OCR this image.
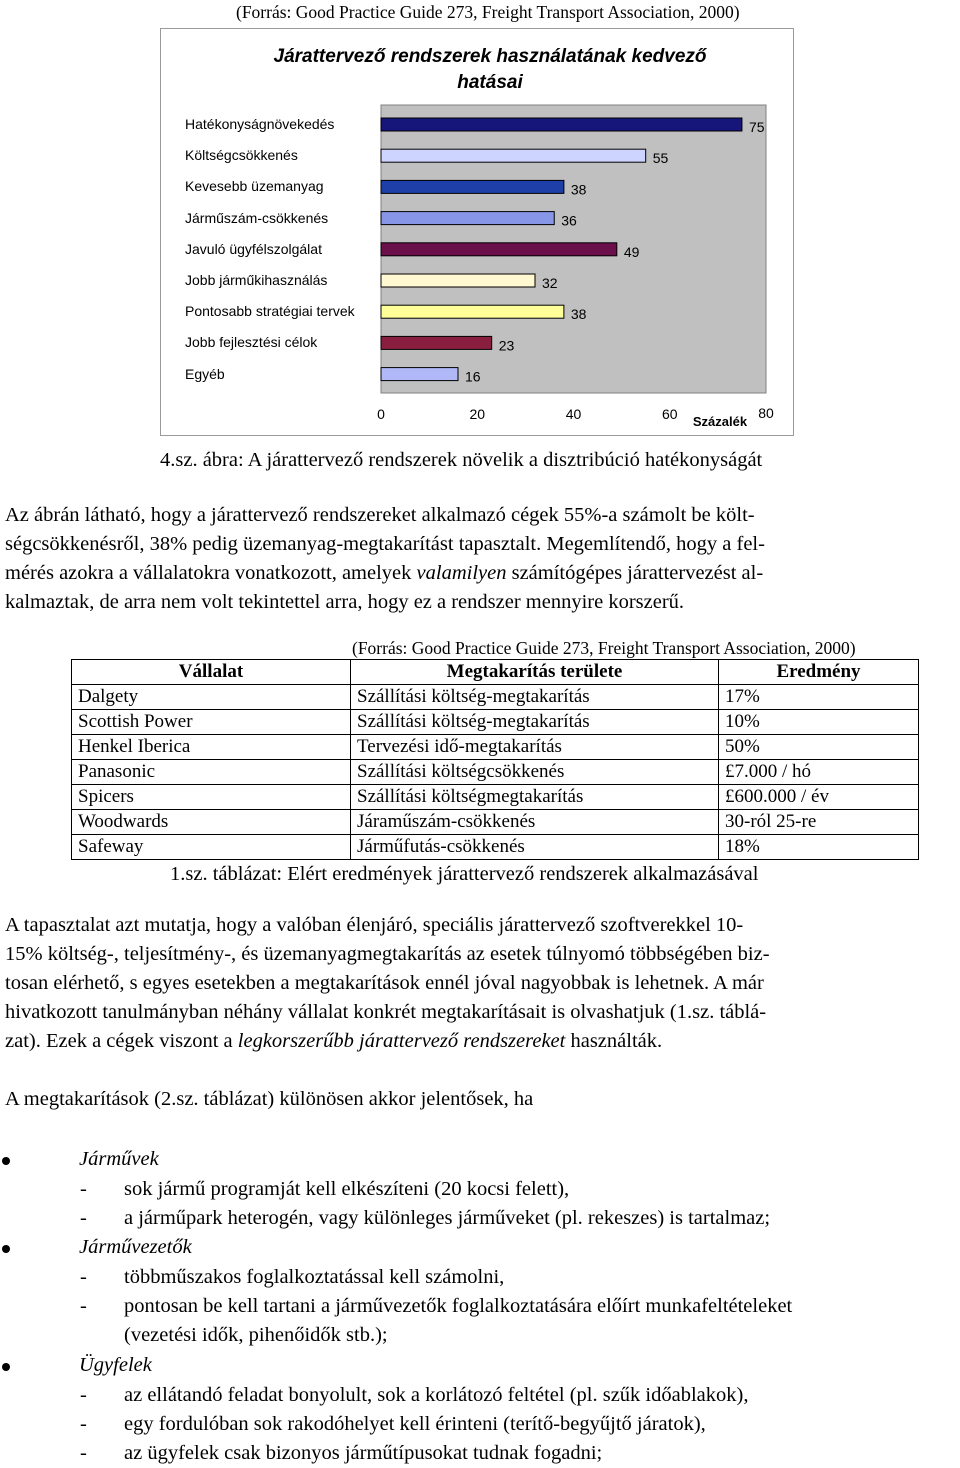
(Forrás: Good Practice Guide 273, Freight Transport Association, 2000)
Járattervező rendszerek használatának kedvező
hatásai
Hatékonyságnövekedés
Költségcsökkenés
Kevesebb üzemanyag
Járműszám-csökkenés
Javuló ügyfélszolgálat
Jobb járműkihasználás
Pontosabb stratégiai tervek
Jobb fejlesztési célok
Egyéb
75
55
38
36
49
32
38
23
16
0	20	40	60	80
Százalék
4.sz. ábra: A járattervező rendszerek növelik a disztribúció hatékonyságát
Az ábrán látható, hogy a járattervező rendszereket alkalmazó cégek 55%-a számolt be költ-
ségcsökkenésről, 38% pedig üzemanyag-megtakarítást tapasztalt. Megemlítendő, hogy a fel-
mérés azokra a vállalatokra vonatkozott, amelyek valamilyen számítógépes járattervezést al-
kalmaztak, de arra nem volt tekintettel arra, hogy ez a rendszer mennyire korszerű.
(Forrás: Good Practice Guide 273, Freight Transport Association, 2000)
Vállalat	Megtakarítás területe	Eredmény
Dalgety	Szállítási költség-megtakarítás	17%
Scottish Power	Szállítási költség-megtakarítás	10%
Henkel Iberica	Tervezési idő-megtakarítás	50%
Panasonic	Szállítási költségcsökkenés	£7.000 / hó
Spicers	Szállítási költségmegtakarítás	£600.000 / év
Woodwards	Járaműszám-csökkenés	30-ról 25-re
Safeway	Járműfutás-csökkenés	18%
1.sz. táblázat: Elért eredmények járattervező rendszerek alkalmazásával
A tapasztalat azt mutatja, hogy a valóban élenjáró, speciális járattervező szoftverekkel 10-
15% költség-, teljesítmény-, és üzemanyagmegtakarítás az esetek túlnyomó többségében biz-
tosan elérhető, s egyes esetekben a megtakarítások ennél jóval nagyobbak is lehetnek. A már
hivatkozott tanulmányban néhány vállalat konkrét megtakarításait is olvashatjuk (1.sz. táblá-
zat). Ezek a cégek viszont a legkorszerűbb járattervező rendszereket használták.
A megtakarítások (2.sz. táblázat) különösen akkor jelentősek, ha
Járművek
- sok jármű programját kell elkészíteni (20 kocsi felett),
- a járműpark heterogén, vagy különleges járműveket (pl. rekeszes) is tartalmaz;
Járművezetők
- többműszakos foglalkoztatással kell számolni,
- pontosan be kell tartani a járművezetők foglalkoztatására előírt munkafeltételeket
(vezetési idők, pihenőidők stb.);
Ügyfelek
- az ellátandó feladat bonyolult, sok a korlátozó feltétel (pl. szűk időablakok),
- egy fordulóban sok rakodóhelyet kell érinteni (terítő-begyűjtő járatok),
- az ügyfelek csak bizonyos járműtípusokat tudnak fogadni;
